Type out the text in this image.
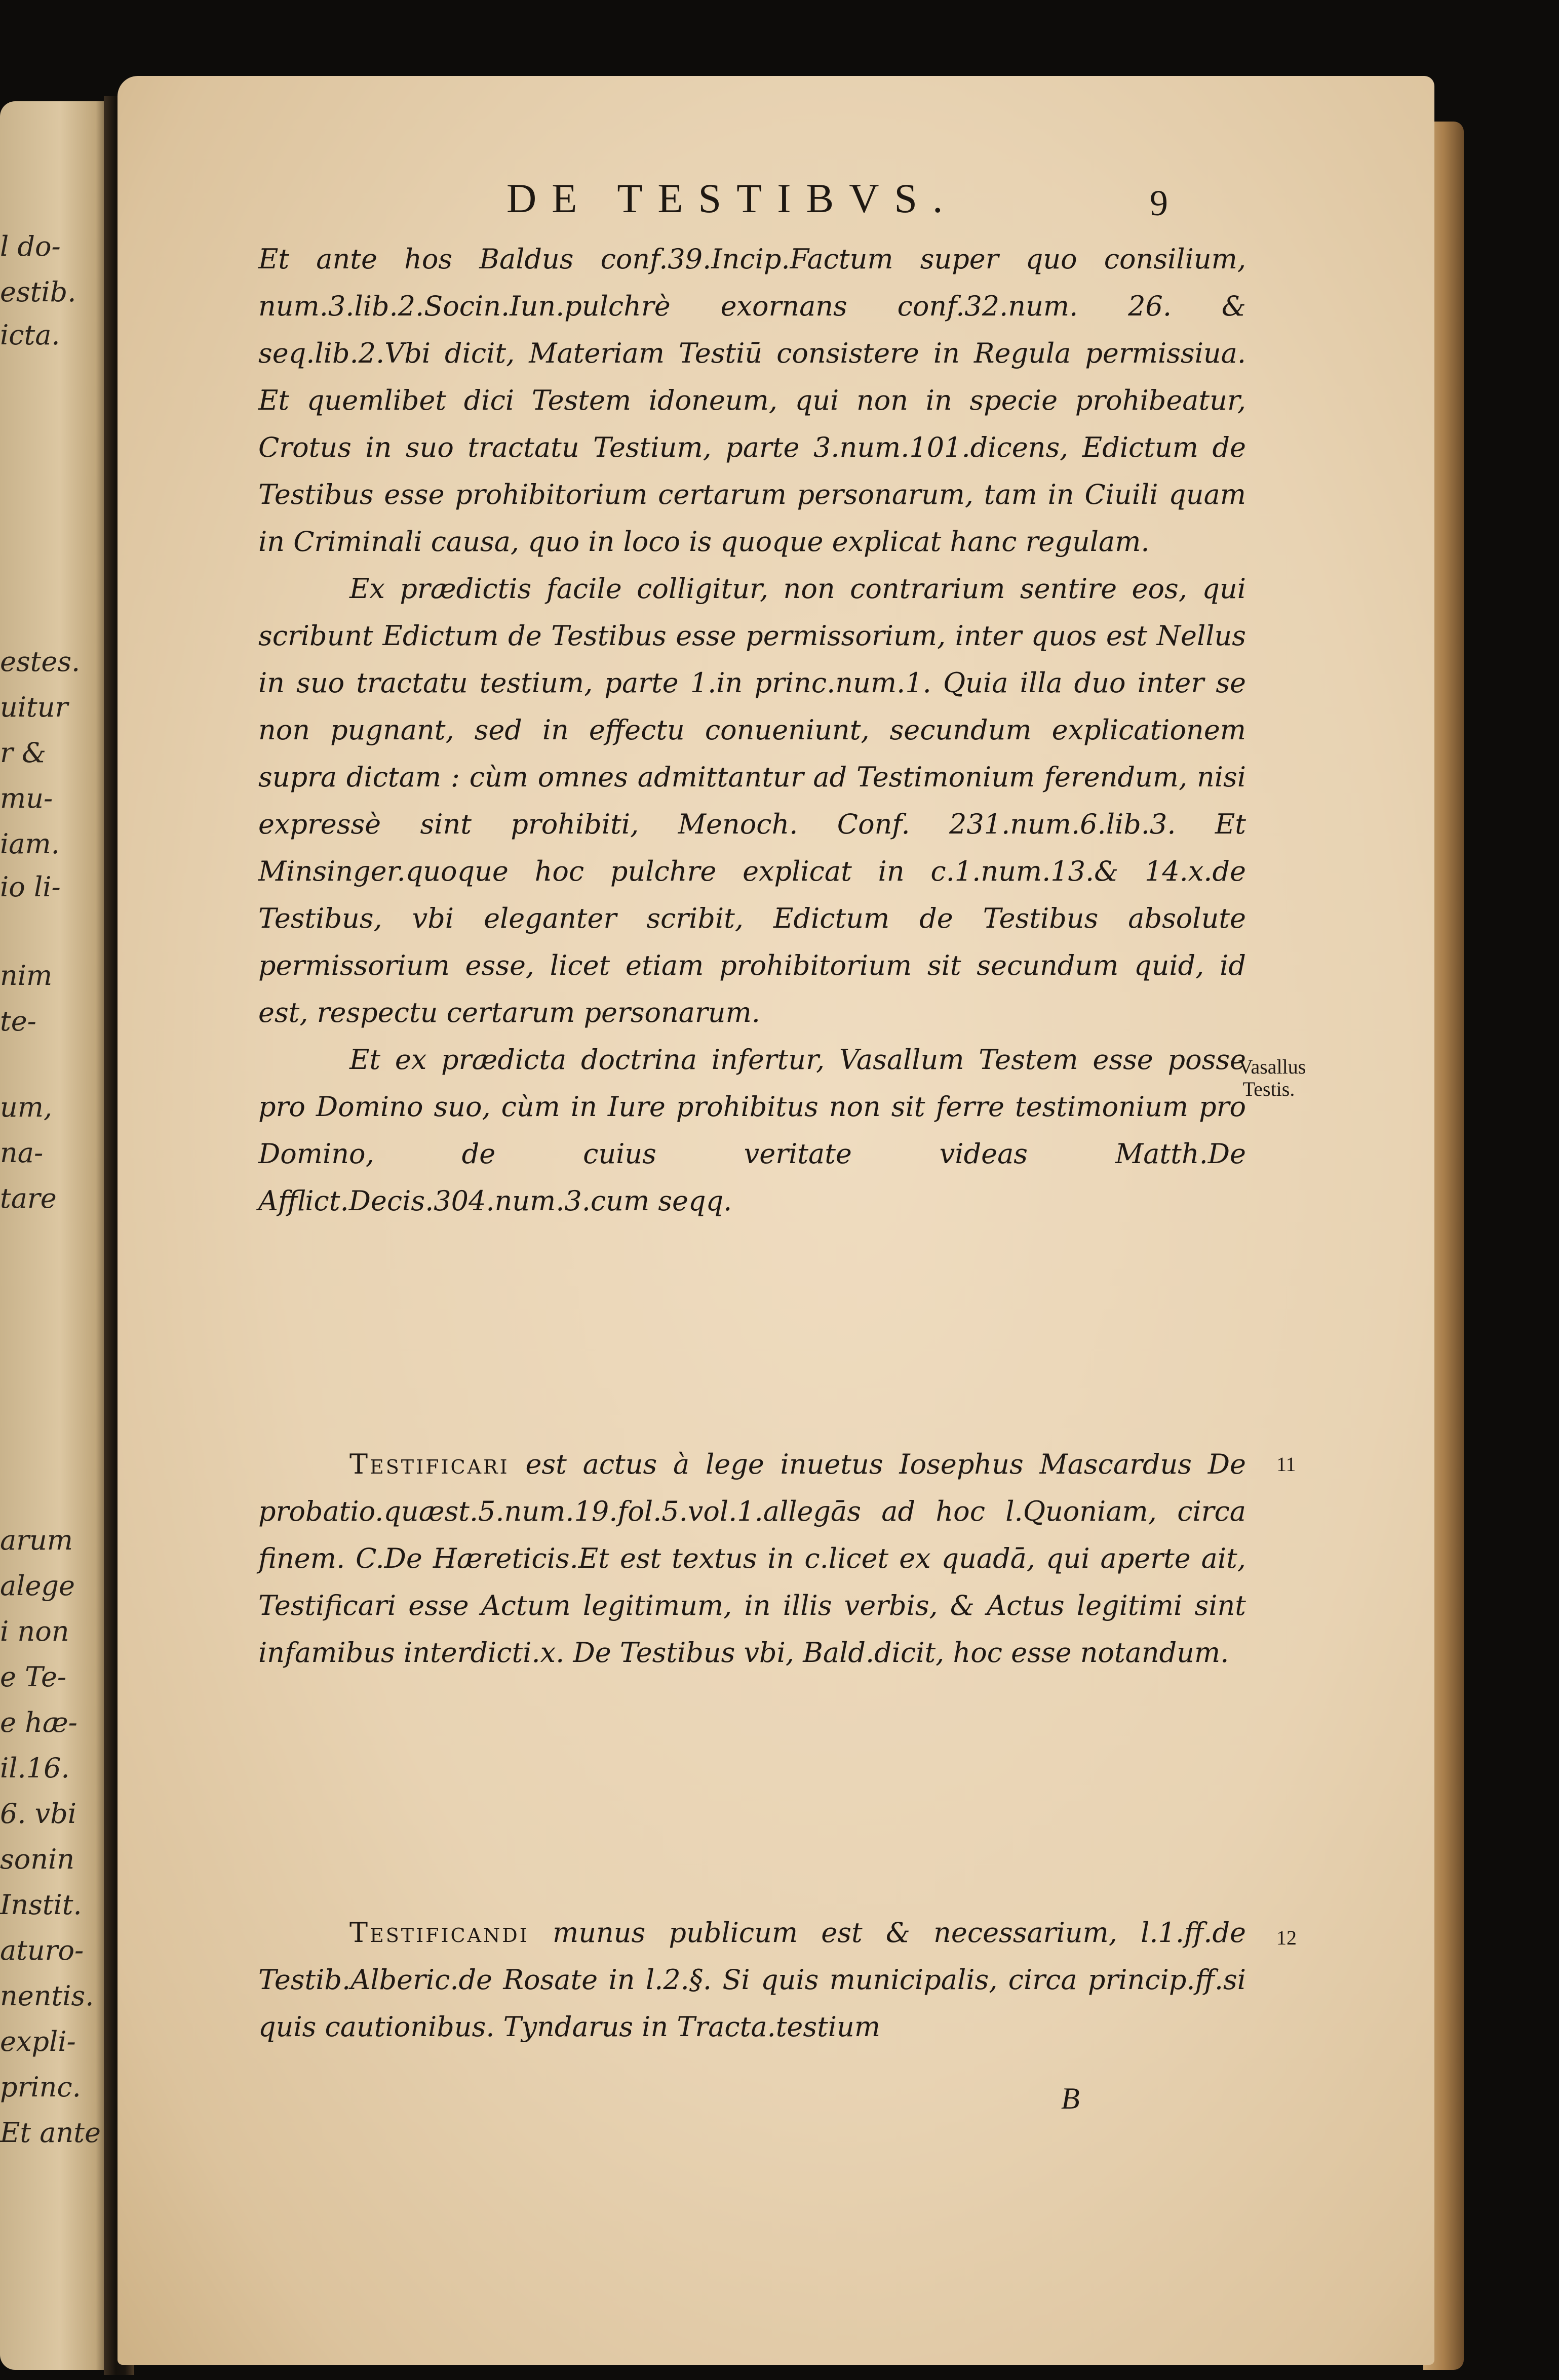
l do-
estib.
icta.
estes.
uitur
r &
mu-
iam.
io li-
nim
te-
um,
na-
tare
arum
alege
i non
e Te-
e hæ-
il.16.
6. vbi
sonin
Instit.
aturo-
nentis.
expli-
princ.
Et ante
DE TESTIBVS.	9

Et ante hos Baldus conf.39.Incip.Factum super quo consilium, num.3.lib.2.Socin.Iun.pulchrè exornans conf.32.num. 26. & seq.lib.2.Vbi dicit, Materiam Testiū consistere in Regula permissiua. Et quemlibet dici Testem idoneum, qui non in specie prohibeatur, Crotus in suo tractatu Testium, parte 3.num.101.dicens, Edictum de Testibus esse prohibitorium certarum personarum, tam in Ciuili quam in Criminali causa, quo in loco is quoque explicat hanc regulam.

Ex prædictis facile colligitur, non contrarium sentire eos, qui scribunt Edictum de Testibus esse permissorium, inter quos est Nellus in suo tractatu testium, parte 1.in princ.num.1. Quia illa duo inter se non pugnant, sed in effectu conueniunt, secundum explicationem supra dictam : cùm omnes admittantur ad Testimonium ferendum, nisi expressè sint prohibiti, Menoch. Conf. 231.num.6.lib.3. Et Minsinger.quoque hoc pulchre explicat in c.1.num.13.& 14.x.de Testibus, vbi eleganter scribit, Edictum de Testibus absolute permissorium esse, licet etiam prohibitorium sit secundum quid, id est, respectu certarum personarum.

Et ex prædicta doctrina infertur, Vasallum Testem esse posse pro Domino suo, cùm in Iure prohibitus non sit ferre testimonium pro Domino, de cuius veritate videas Matth.De Afflict.Decis.304.num.3.cum seqq.

Vasallus Testis.

Testificari est actus à lege inuetus Iosephus Mascardus De probatio.quæst.5.num.19.fol.5.vol.1.allegās ad hoc l.Quoniam, circa finem. C.De Hæreticis.Et est textus in c.licet ex quadā, qui aperte ait, Testificari esse Actum legitimum, in illis verbis, & Actus legitimi sint infamibus interdicti.x. De Testibus vbi, Bald.dicit, hoc esse notandum.

11

Testificandi munus publicum est & necessarium, l.1.ff.de Testib.Alberic.de Rosate in l.2.§. Si quis municipalis, circa princip.ff.si quis cautionibus. Tyndarus in Tracta.testium

12
B
